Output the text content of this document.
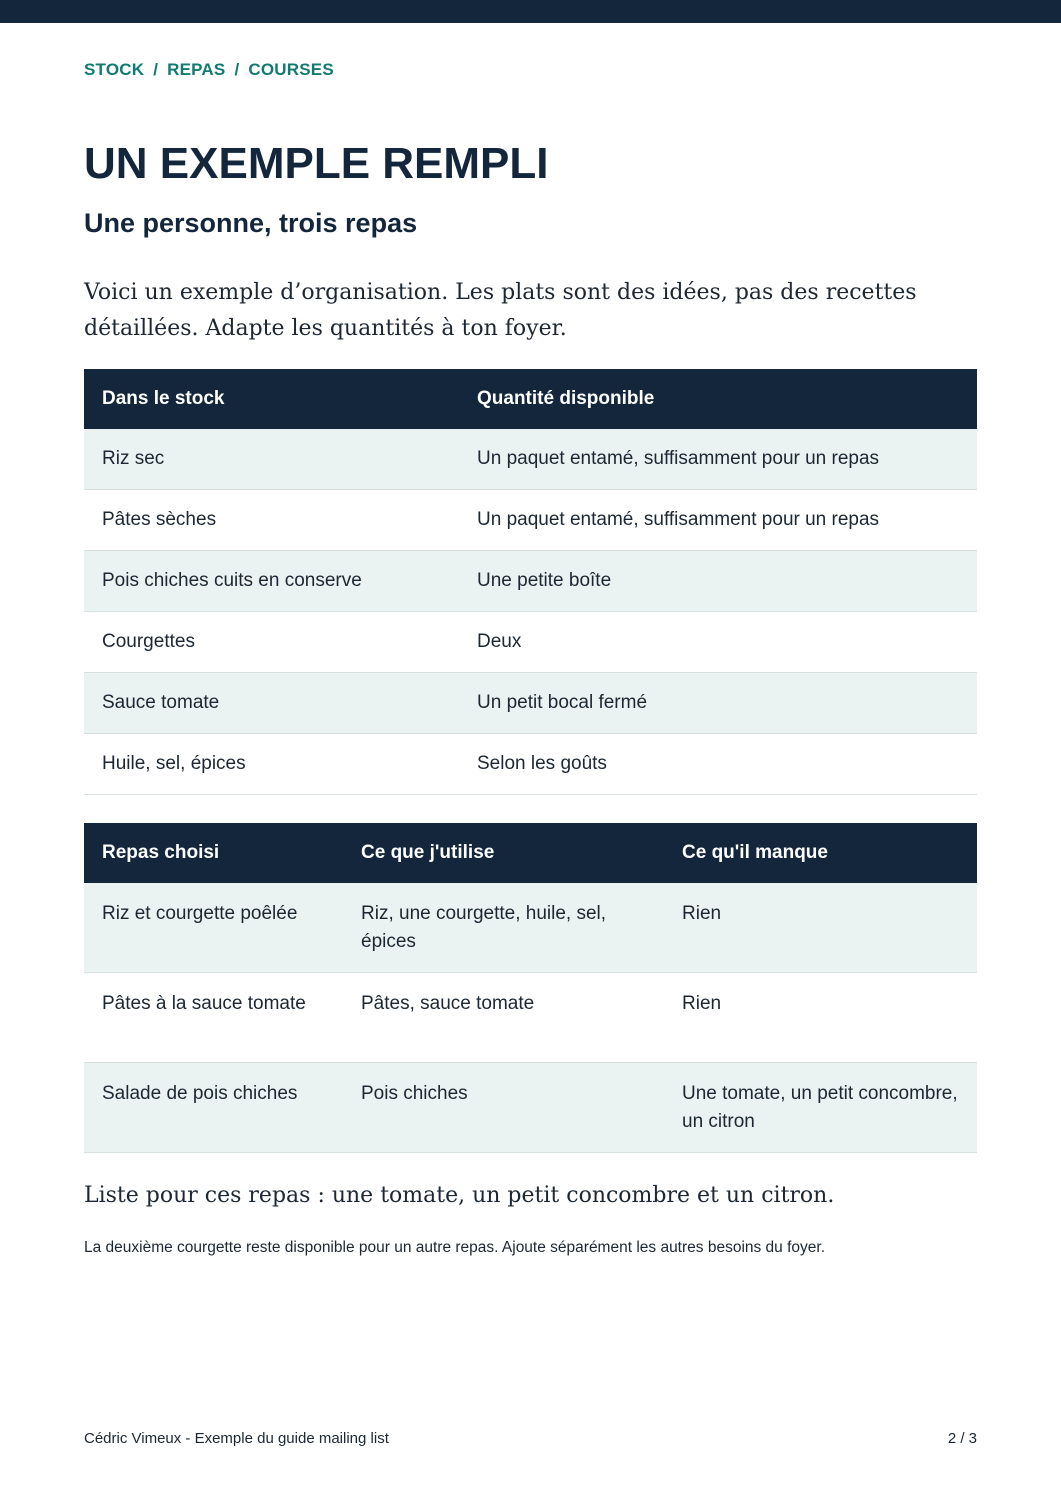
STOCK / REPAS / COURSES
UN EXEMPLE REMPLI
Une personne, trois repas

Voici un exemple d’organisation. Les plats sont des idées, pas des recettes détaillées. Adapte les quantités à ton foyer.

Dans le stock	Quantité disponible
Riz sec	Un paquet entamé, suffisamment pour un repas
Pâtes sèches	Un paquet entamé, suffisamment pour un repas
Pois chiches cuits en conserve	Une petite boîte
Courgettes	Deux
Sauce tomate	Un petit bocal fermé
Huile, sel, épices	Selon les goûts
Repas choisi	Ce que j'utilise	Ce qu'il manque
Riz et courgette poêlée	Riz, une courgette, huile, sel, épices	Rien
Pâtes à la sauce tomate	Pâtes, sauce tomate	Rien
Salade de pois chiches	Pois chiches	Une tomate, un petit concombre, un citron

Liste pour ces repas : une tomate, un petit concombre et un citron.

La deuxième courgette reste disponible pour un autre repas. Ajoute séparément les autres besoins du foyer.

Cédric Vimeux - Exemple du guide mailing list	2 / 3
